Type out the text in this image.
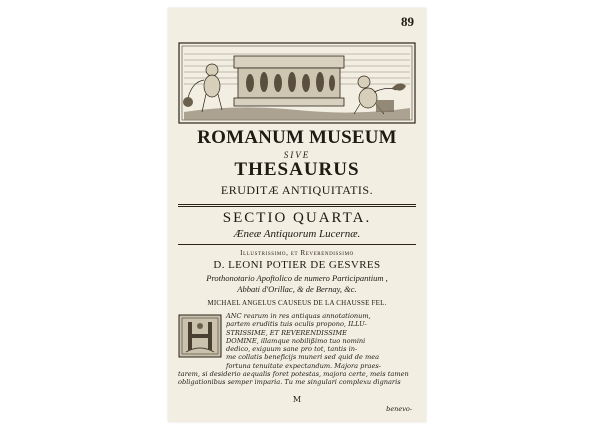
89
ROMANUM MUSEUM
SIVE
THESAURUS
ERUDITÆ ANTIQUITATIS.
SECTIO QUARTA.
Æneæ Antiquorum Lucernæ.
Illustrissimo, et Reverendissimo
D. LEONI POTIER DE GESVRES
Prothonotario Apoftolico de numero Participantium ,
Abbati d'Orillac, & de Bernay, &c.
MICHAEL ANGELUS CAUSEUS DE LA CHAUSSE FEL.
ANC rearum in res antiquas annotationum,
partem eruditis tuis oculis propono, ILLU-
STRISSIME, ET REVERENDISSIME
DOMINE, illamque nobilißimo tuo nomini
dedico, exiguum sane pro tot, tantis in-
me collatis beneficijs muneri sed quid de mea
fortuna tenuitate expectandum. Majora praes-
tarem, si desiderio aequalis foret potestas, majora certe, meis tamen
obligationibus semper imparia. Tu me singulari complexu dignaris
M
benevo-
